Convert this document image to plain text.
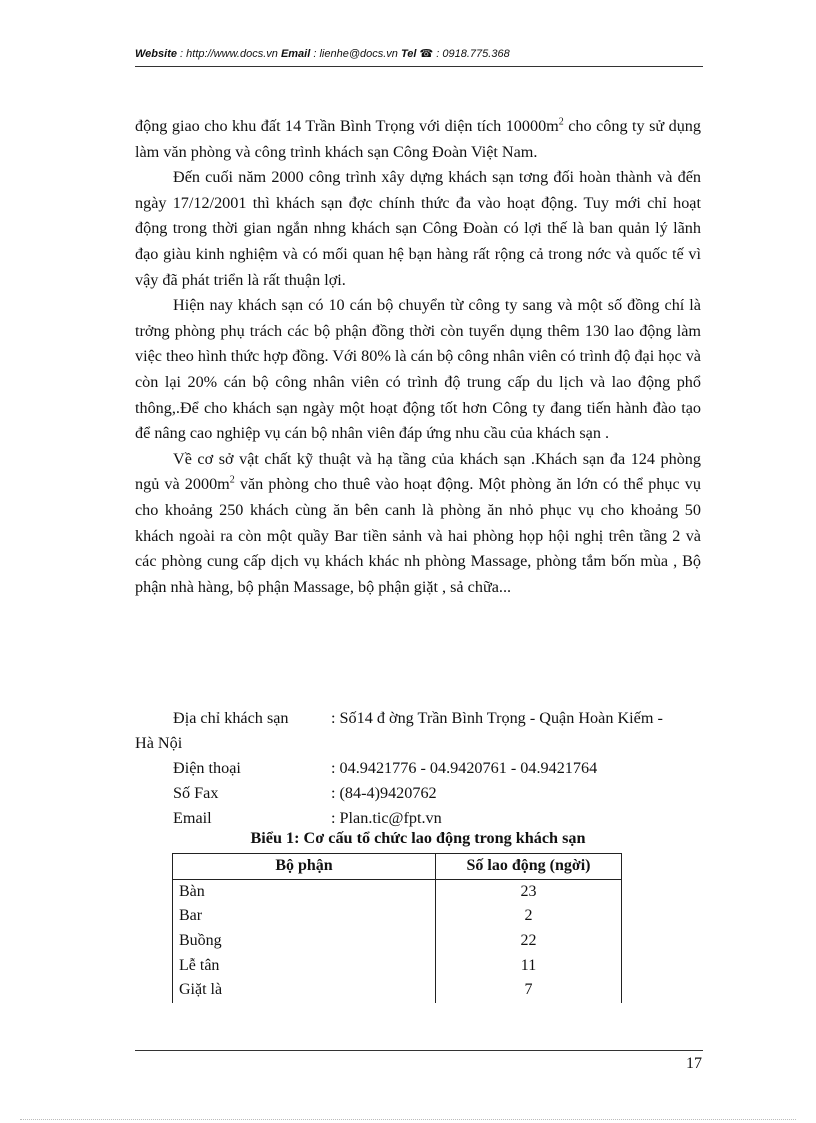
Website : http://www.docs.vn Email : lienhe@docs.vn Tel ☎ : 0918.775.368

động giao cho khu đất 14 Trần Bình Trọng với diện tích $10000m^2$ cho công ty sử dụng làm văn phòng và công trình khách sạn Công Đoàn Việt Nam.

Đến cuối năm 2000 công trình xây dựng khách sạn tơng đối hoàn thành và đến ngày 17/12/2001 thì khách sạn đợc chính thức đa vào hoạt động. Tuy mới chỉ hoạt động trong thời gian ngắn nhng khách sạn Công Đoàn có lợi thế là ban quản lý lãnh đạo giàu kinh nghiệm và có mối quan hệ bạn hàng rất rộng cả trong nớc và quốc tế vì vậy đã phát triển là rất thuận lợi.

Hiện nay khách sạn có 10 cán bộ chuyển từ công ty sang và một số đồng chí là trởng phòng phụ trách các bộ phận đồng thời còn tuyển dụng thêm 130 lao động làm việc theo hình thức hợp đồng. Với 80% là cán bộ công nhân viên có trình độ đại học và còn lại 20% cán bộ công nhân viên có trình độ trung cấp du lịch và lao động phổ thông,.Để cho khách sạn ngày một hoạt động tốt hơn Công ty đang tiến hành đào tạo để nâng cao nghiệp vụ cán bộ nhân viên đáp ứng nhu cầu của khách sạn .

Về cơ sở vật chất kỹ thuật và hạ tầng của khách sạn .Khách sạn đa 124 phòng ngủ và $2000m^2$ văn phòng cho thuê vào hoạt động. Một phòng ăn lớn có thể phục vụ cho khoảng 250 khách cùng ăn bên canh là phòng ăn nhỏ phục vụ cho khoảng 50 khách ngoài ra còn một quầy Bar tiền sảnh và hai phòng họp hội nghị trên tầng 2 và các phòng cung cấp dịch vụ khách khác nh phòng Massage, phòng tắm bốn mùa , Bộ phận nhà hàng, bộ phận Massage, bộ phận giặt , sả chữa...

Địa chỉ khách sạn	: Số14 đ ờng Trần Bình Trọng - Quận Hoàn Kiếm -
Hà Nội
Điện thoại	: 04.9421776 - 04.9420761 - 04.9421764
Số Fax	: (84-4)9420762
Email	: Plan.tic@fpt.vn
Biểu 1: Cơ cấu tổ chức lao động trong khách sạn
Bộ phận	Số lao động (ngời)
Bàn	23
Bar	2
Buồng	22
Lễ tân	11
Giặt là	7
17
